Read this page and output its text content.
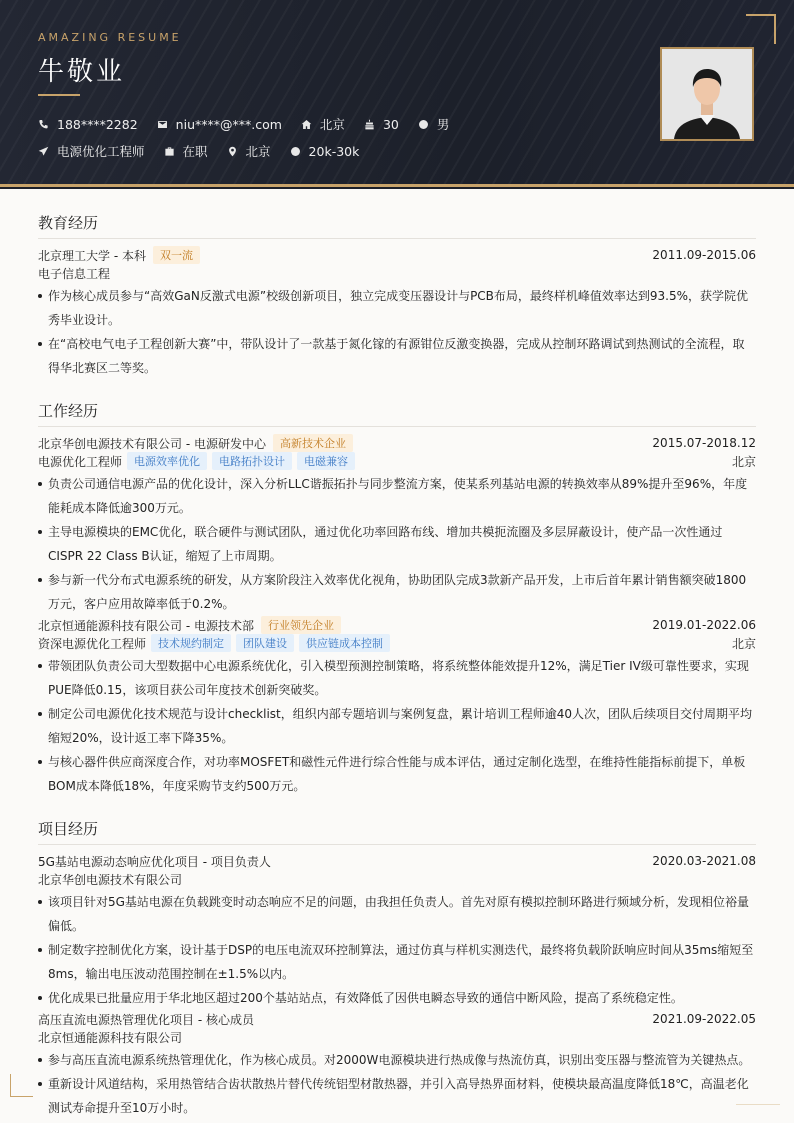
AMAZING RESUME
牛敬业
188****2282	niu****@***.com	北京	30	男
电源优化工程师	在职	北京	20k-30k
教育经历
北京理工大学 - 本科	双一流	2011.09-2015.06
电子信息工程
作为核心成员参与“高效GaN反激式电源”校级创新项目，独立完成变压器设计与PCB布局，最终样机峰值效率达到93.5%，获学院优秀毕业设计。
在“高校电气电子工程创新大赛”中，带队设计了一款基于氮化镓的有源钳位反激变换器，完成从控制环路调试到热测试的全流程，取得华北赛区二等奖。
工作经历
北京华创电源技术有限公司 - 电源研发中心	高新技术企业	2015.07-2018.12
电源优化工程师	电源效率优化	电路拓扑设计	电磁兼容	北京
负责公司通信电源产品的优化设计，深入分析LLC谐振拓扑与同步整流方案，使某系列基站电源的转换效率从89%提升至96%，年度能耗成本降低逾300万元。
主导电源模块的EMC优化，联合硬件与测试团队，通过优化功率回路布线、增加共模扼流圈及多层屏蔽设计，使产品一次性通过CISPR 22 Class B认证，缩短了上市周期。
参与新一代分布式电源系统的研发，从方案阶段注入效率优化视角，协助团队完成3款新产品开发，上市后首年累计销售额突破1800万元，客户应用故障率低于0.2%。
北京恒通能源科技有限公司 - 电源技术部	行业领先企业	2019.01-2022.06
资深电源优化工程师	技术规约制定	团队建设	供应链成本控制	北京
带领团队负责公司大型数据中心电源系统优化，引入模型预测控制策略，将系统整体能效提升12%，满足Tier IV级可靠性要求，实现PUE降低0.15，该项目获公司年度技术创新突破奖。
制定公司电源优化技术规范与设计checklist，组织内部专题培训与案例复盘，累计培训工程师逾40人次，团队后续项目交付周期平均缩短20%，设计返工率下降35%。
与核心器件供应商深度合作，对功率MOSFET和磁性元件进行综合性能与成本评估，通过定制化选型，在维持性能指标前提下，单板BOM成本降低18%，年度采购节支约500万元。
项目经历
5G基站电源动态响应优化项目 - 项目负责人	2020.03-2021.08
北京华创电源技术有限公司
该项目针对5G基站电源在负载跳变时动态响应不足的问题，由我担任负责人。首先对原有模拟控制环路进行频域分析，发现相位裕量偏低。
制定数字控制优化方案，设计基于DSP的电压电流双环控制算法，通过仿真与样机实测迭代，最终将负载阶跃响应时间从35ms缩短至8ms，输出电压波动范围控制在±1.5%以内。
优化成果已批量应用于华北地区超过200个基站站点，有效降低了因供电瞬态导致的通信中断风险，提高了系统稳定性。
高压直流电源热管理优化项目 - 核心成员	2021.09-2022.05
北京恒通能源科技有限公司
参与高压直流电源系统热管理优化，作为核心成员。对2000W电源模块进行热成像与热流仿真，识别出变压器与整流管为关键热点。
重新设计风道结构，采用热管结合齿状散热片替代传统铝型材散热器，并引入高导热界面材料，使模块最高温度降低18℃，高温老化测试寿命提升至10万小时。
